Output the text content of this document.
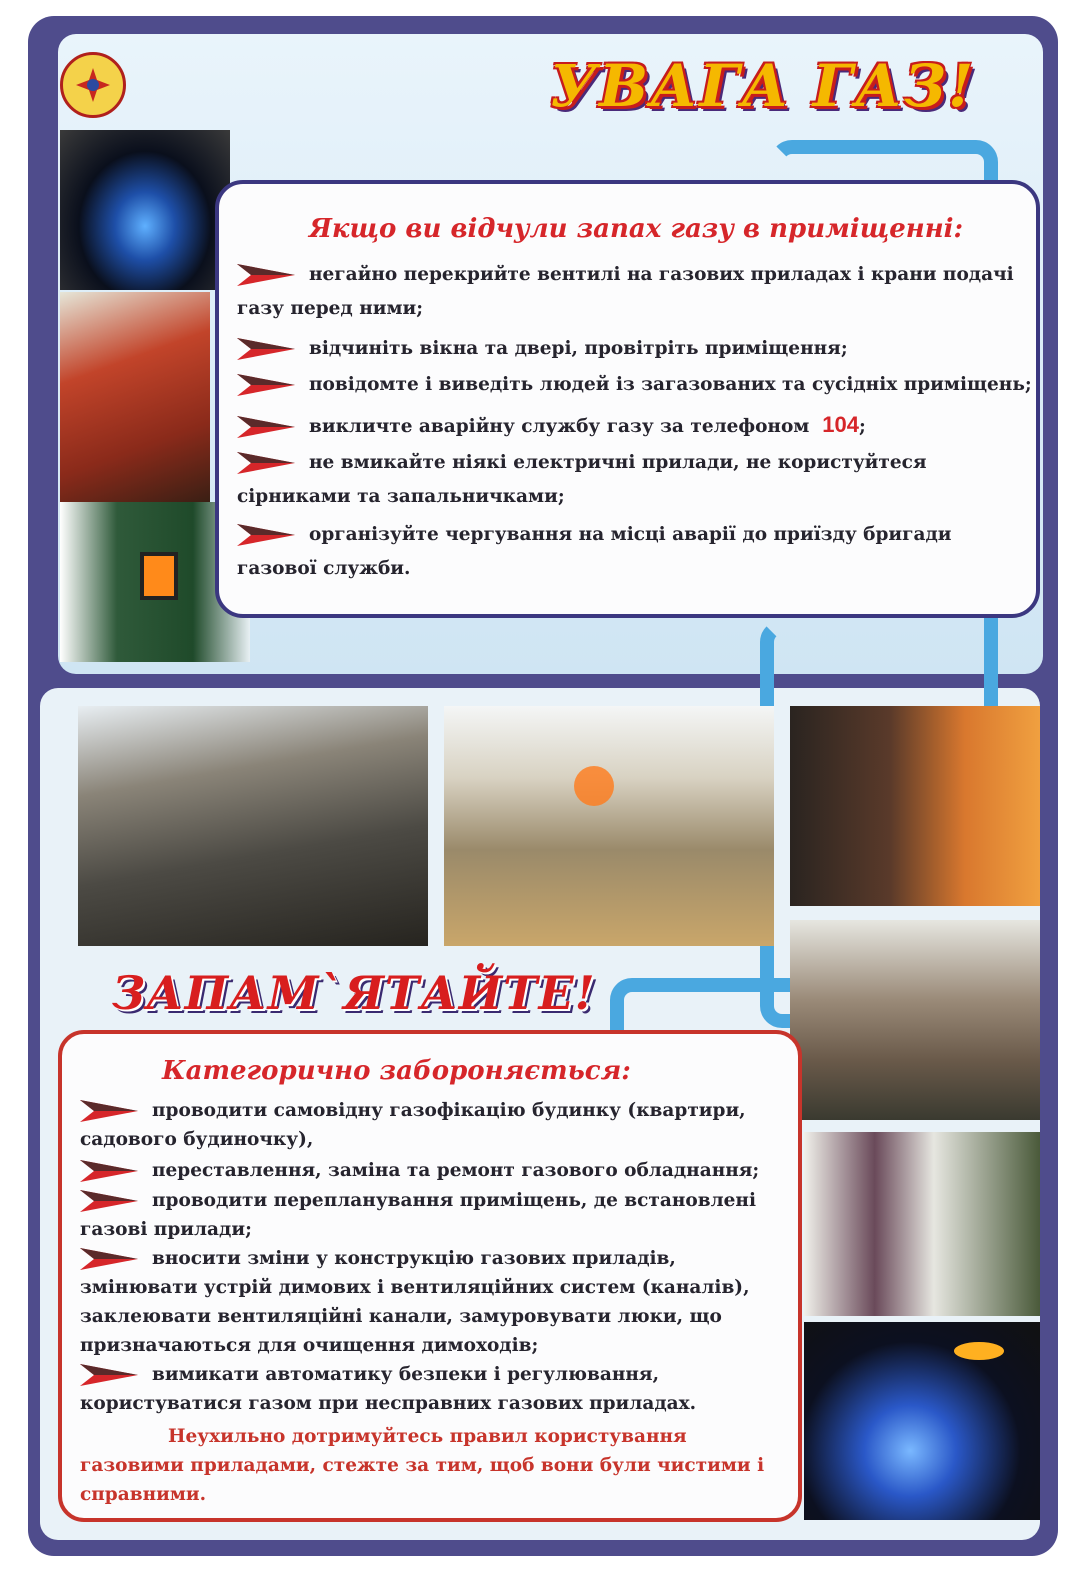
УВАГА ГАЗ!
Якщо ви відчули запах газу в приміщенні:
негайно перекрийте вентилі на газових приладах і крани подачі
газу перед ними;
відчиніть вікна та двері, провітріть приміщення;
повідомте і виведіть людей із загазованих та сусідніх приміщень;
викличте аварійну службу газу за телефоном 104;
не вмикайте ніякі електричні прилади, не користуйтеся
сірниками та запальничками;
організуйте чергування на місці аварії до приїзду бригади
газової служби.
ЗАПАМ`ЯТАЙТЕ!
Категорично забороняється:
проводити самовідну газофікацію будинку (квартири,
садового будиночку),
переставлення, заміна та ремонт газового обладнання;
проводити перепланування приміщень, де встановлені
газові прилади;
вносити зміни у конструкцію газових приладів,
змінювати устрій димових і вентиляційних систем (каналів),
заклеювати вентиляційні канали, замуровувати люки, що
призначаються для очищення димоходів;
вимикати автоматику безпеки і регулювання,
користуватися газом при несправних газових приладах.
Неухильно дотримуйтесь правил користування газовими приладами, стежте за тим, щоб вони були чистими і справними.
